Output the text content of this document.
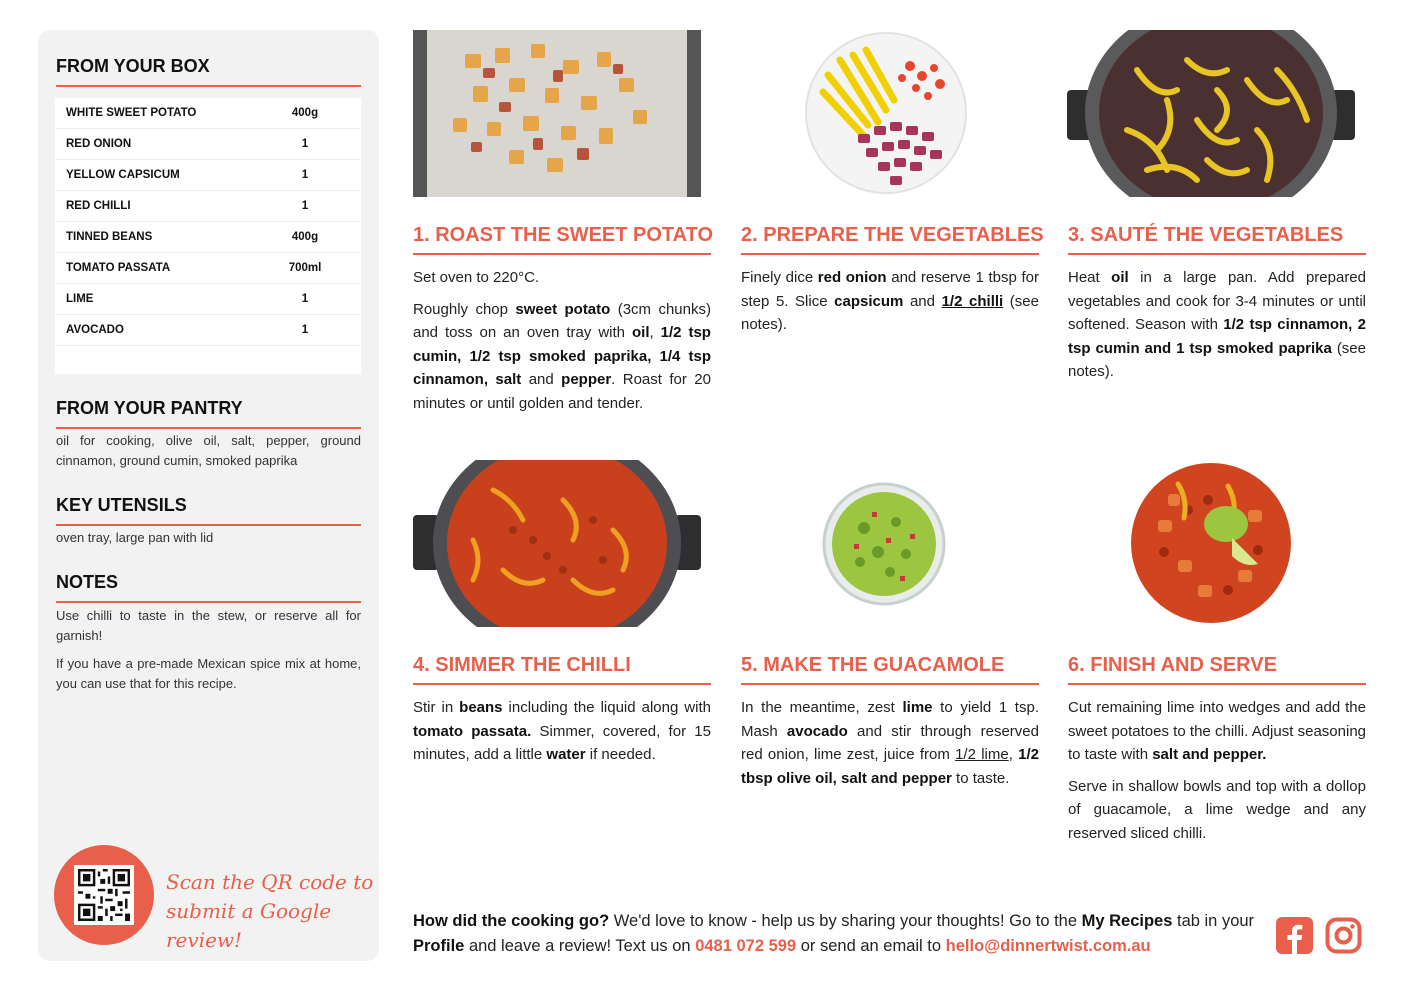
FROM YOUR BOX
WHITE SWEET POTATO	400g
RED ONION	1
YELLOW CAPSICUM	1
RED CHILLI	1
TINNED BEANS	400g
TOMATO PASSATA	700ml
LIME	1
AVOCADO	1
FROM YOUR PANTRY
oil for cooking, olive oil, salt, pepper, ground cinnamon, ground cumin, smoked paprika
KEY UTENSILS
oven tray, large pan with lid
NOTES
Use chilli to taste in the stew, or reserve all for garnish!
If you have a pre-made Mexican spice mix at home, you can use that for this recipe.
Scan the QR code to
submit a Google review!
1. ROAST THE SWEET POTATO 2. PREPARE THE VEGETABLES 3. SAUTÉ THE VEGETABLES
4. SIMMER THE CHILLI	5. MAKE THE GUACAMOLE	6. FINISH AND SERVE

Set oven to 220°C.

Roughly chop sweet potato (3cm chunks) and toss on an oven tray with oil, 1/2 tsp cumin, 1/2 tsp smoked paprika, 1/4 tsp cinnamon, salt and pepper. Roast for 20 minutes or until golden and tender.

Finely dice red onion and reserve 1 tbsp for step 5. Slice capsicum and 1/2 chilli (see notes).

Heat oil in a large pan. Add prepared vegetables and cook for 3-4 minutes or until softened. Season with 1/2 tsp cinnamon, 2 tsp cumin and 1 tsp smoked paprika (see notes).

Stir in beans including the liquid along with tomato passata. Simmer, covered, for 15 minutes, add a little water if needed.

In the meantime, zest lime to yield 1 tsp. Mash avocado and stir through reserved red onion, lime zest, juice from 1/2 lime, 1/2 tbsp olive oil, salt and pepper to taste.

Cut remaining lime into wedges and add the sweet potatoes to the chilli. Adjust seasoning to taste with salt and pepper.

Serve in shallow bowls and top with a dollop of guacamole, a lime wedge and any reserved sliced chilli.

How did the cooking go? We'd love to know - help us by sharing your thoughts! Go to the My Recipes tab in your Profile and leave a review! Text us on 0481 072 599 or send an email to hello@dinnertwist.com.au
